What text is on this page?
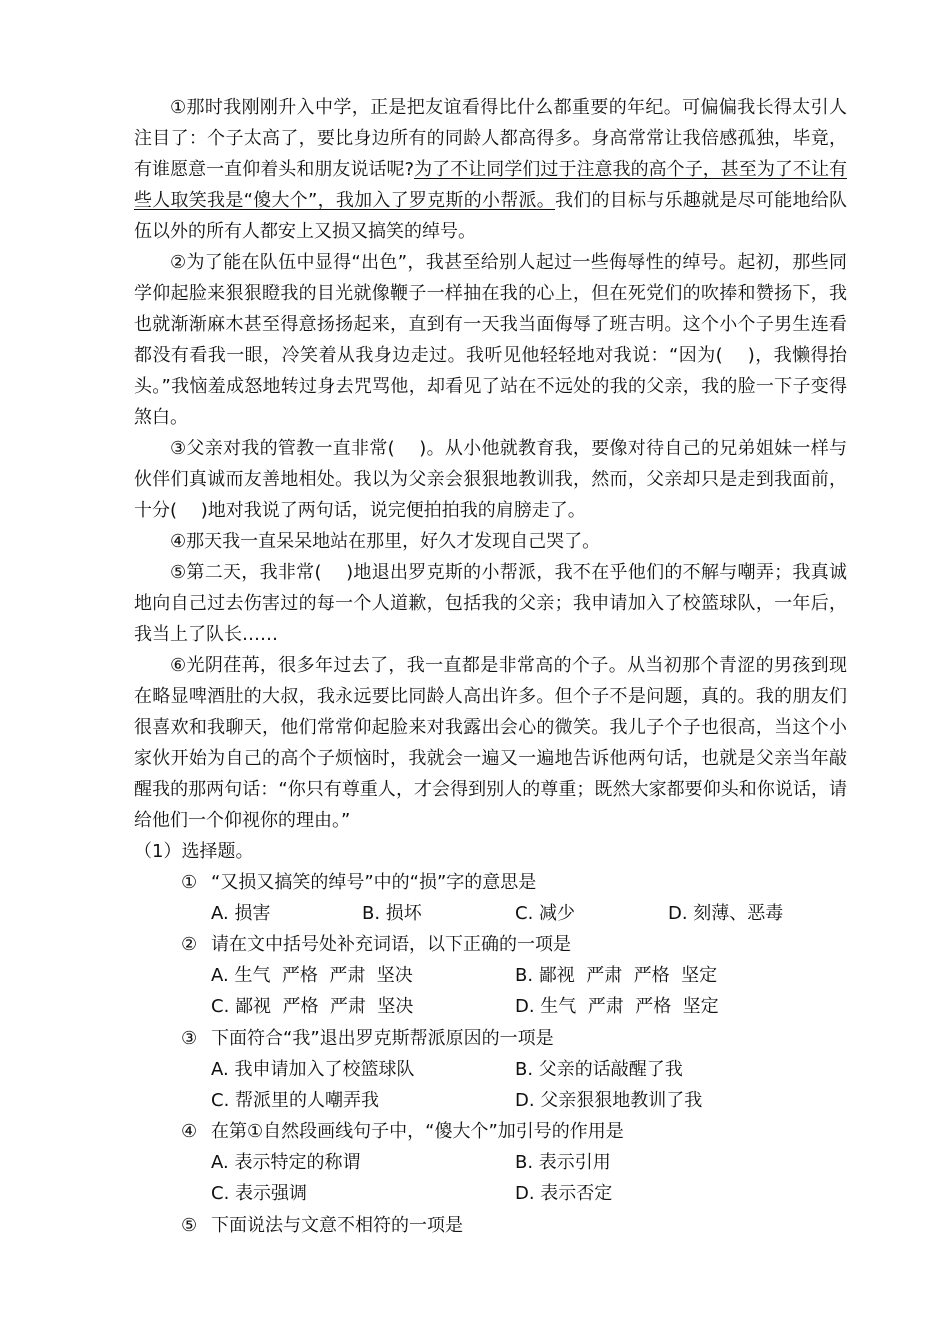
①那时我刚刚升入中学，正是把友谊看得比什么都重要的年纪。可偏偏我长得太引人注目了：个子太高了，要比身边所有的同龄人都高得多。身高常常让我倍感孤独，毕竟，有谁愿意一直仰着头和朋友说话呢?为了不让同学们过于注意我的高个子，甚至为了不让有些人取笑我是“傻大个”，我加入了罗克斯的小帮派。我们的目标与乐趣就是尽可能地给队伍以外的所有人都安上又损又搞笑的绰号。

②为了能在队伍中显得“出色”，我甚至给别人起过一些侮辱性的绰号。起初，那些同学仰起脸来狠狠瞪我的目光就像鞭子一样抽在我的心上，但在死党们的吹捧和赞扬下，我也就渐渐麻木甚至得意扬扬起来，直到有一天我当面侮辱了班吉明。这个小个子男生连看都没有看我一眼，冷笑着从我身边走过。我听见他轻轻地对我说：“因为(　 )，我懒得抬头。”我恼羞成怒地转过身去咒骂他，却看见了站在不远处的我的父亲，我的脸一下子变得煞白。

③父亲对我的管教一直非常(　 )。从小他就教育我，要像对待自己的兄弟姐妹一样与伙伴们真诚而友善地相处。我以为父亲会狠狠地教训我，然而，父亲却只是走到我面前，十分(　 )地对我说了两句话，说完便拍拍我的肩膀走了。

④那天我一直呆呆地站在那里，好久才发现自己哭了。

⑤第二天，我非常(　 )地退出罗克斯的小帮派，我不在乎他们的不解与嘲弄；我真诚地向自己过去伤害过的每一个人道歉，包括我的父亲；我申请加入了校篮球队，一年后，我当上了队长……

⑥光阴荏苒，很多年过去了，我一直都是非常高的个子。从当初那个青涩的男孩到现在略显啤酒肚的大叔，我永远要比同龄人高出许多。但个子不是问题，真的。我的朋友们很喜欢和我聊天，他们常常仰起脸来对我露出会心的微笑。我儿子个子也很高，当这个小家伙开始为自己的高个子烦恼时，我就会一遍又一遍地告诉他两句话，也就是父亲当年敲醒我的那两句话：“你只有尊重人，才会得到别人的尊重；既然大家都要仰头和你说话，请给他们一个仰视你的理由。”

（1）选择题。

① “又损又搞笑的绰号”中的“损”字的意思是

A. 损害	B. 损坏	C. 减少	D. 刻薄、恶毒

② 请在文中括号处补充词语，以下正确的一项是

A. 生气  严格  严肃  坚决	B. 鄙视  严肃  严格  坚定
C. 鄙视  严格  严肃  坚决	D. 生气  严肃  严格  坚定

③ 下面符合“我”退出罗克斯帮派原因的一项是

A. 我申请加入了校篮球队	B. 父亲的话敲醒了我
C. 帮派里的人嘲弄我	D. 父亲狠狠地教训了我

④ 在第①自然段画线句子中，“傻大个”加引号的作用是

A. 表示特定的称谓	B. 表示引用
C. 表示强调	D. 表示否定

⑤ 下面说法与文意不相符的一项是
